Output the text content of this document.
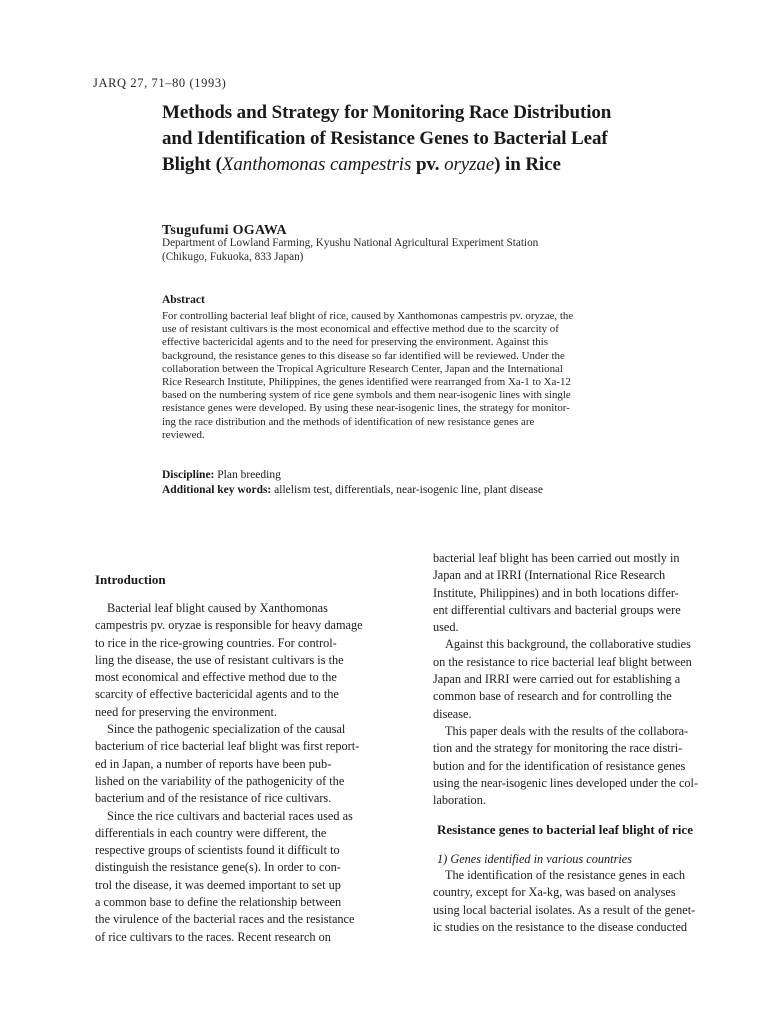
JARQ 27, 71–80 (1993)
Methods and Strategy for Monitoring Race Distribution
and Identification of Resistance Genes to Bacterial Leaf
Blight (Xanthomonas campestris pv. oryzae) in Rice
Tsugufumi OGAWA
Department of Lowland Farming, Kyushu National Agricultural Experiment Station
(Chikugo, Fukuoka, 833 Japan)
Abstract
For controlling bacterial leaf blight of rice, caused by Xanthomonas campestris pv. oryzae, the
use of resistant cultivars is the most economical and effective method due to the scarcity of
effective bactericidal agents and to the need for preserving the environment. Against this
background, the resistance genes to this disease so far identified will be reviewed. Under the
collaboration between the Tropical Agriculture Research Center, Japan and the International
Rice Research Institute, Philippines, the genes identified were rearranged from Xa-1 to Xa-12
based on the numbering system of rice gene symbols and them near-isogenic lines with single
resistance genes were developed. By using these near-isogenic lines, the strategy for monitor-
ing the race distribution and the methods of identification of new resistance genes are
reviewed.
Discipline: Plan breeding
Additional key words: allelism test, differentials, near-isogenic line, plant disease
Introduction
Bacterial leaf blight caused by Xanthomonas
campestris pv. oryzae is responsible for heavy damage
to rice in the rice-growing countries. For control-
ling the disease, the use of resistant cultivars is the
most economical and effective method due to the
scarcity of effective bactericidal agents and to the
need for preserving the environment.
Since the pathogenic specialization of the causal
bacterium of rice bacterial leaf blight was first report-
ed in Japan, a number of reports have been pub-
lished on the variability of the pathogenicity of the
bacterium and of the resistance of rice cultivars.
Since the rice cultivars and bacterial races used as
differentials in each country were different, the
respective groups of scientists found it difficult to
distinguish the resistance gene(s). In order to con-
trol the disease, it was deemed important to set up
a common base to define the relationship between
the virulence of the bacterial races and the resistance
of rice cultivars to the races. Recent research on
bacterial leaf blight has been carried out mostly in
Japan and at IRRI (International Rice Research
Institute, Philippines) and in both locations differ-
ent differential cultivars and bacterial groups were
used.
Against this background, the collaborative studies
on the resistance to rice bacterial leaf blight between
Japan and IRRI were carried out for establishing a
common base of research and for controlling the
disease.
This paper deals with the results of the collabora-
tion and the strategy for monitoring the race distri-
bution and for the identification of resistance genes
using the near-isogenic lines developed under the col-
laboration.
Resistance genes to bacterial leaf blight of rice
1) Genes identified in various countries
The identification of the resistance genes in each
country, except for Xa-kg, was based on analyses
using local bacterial isolates. As a result of the genet-
ic studies on the resistance to the disease conducted
